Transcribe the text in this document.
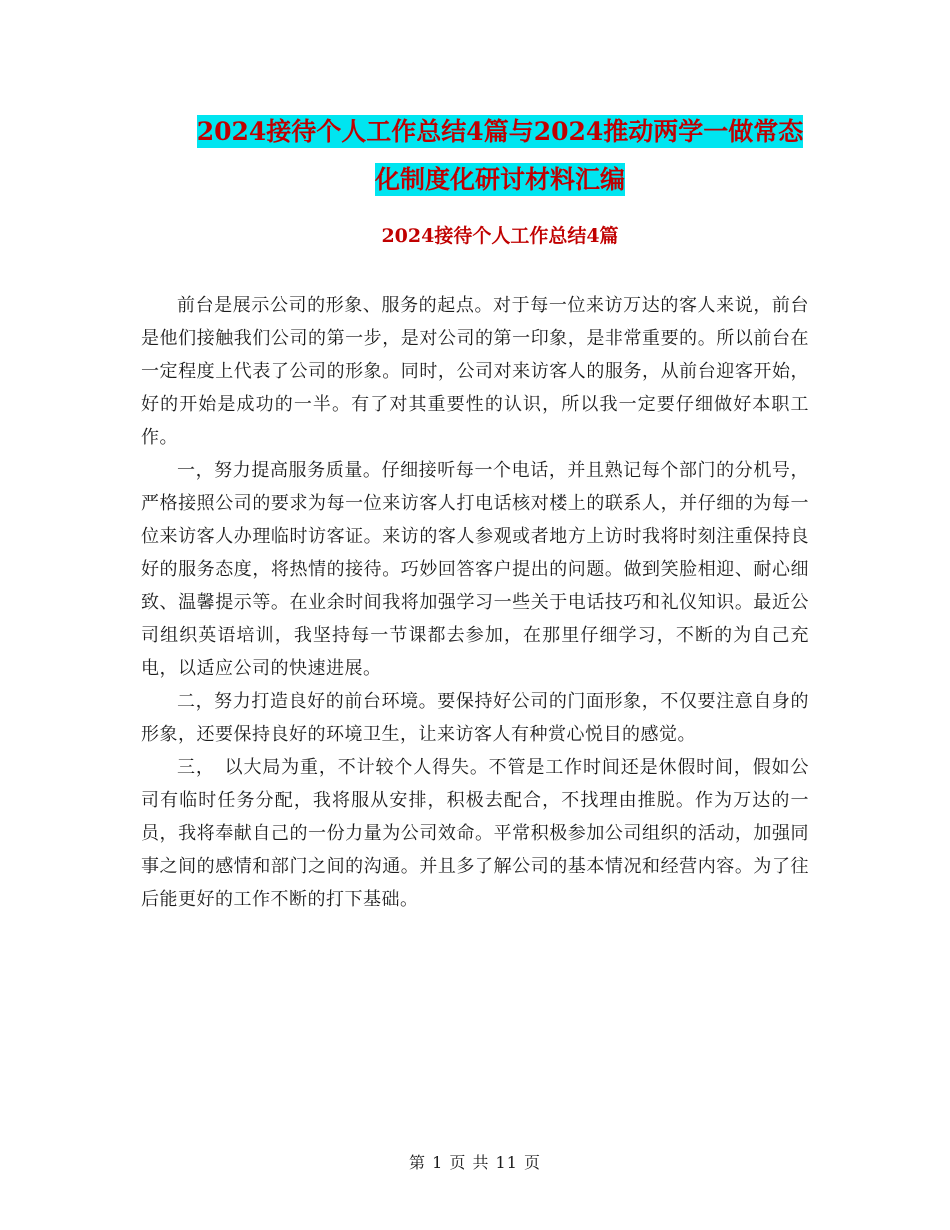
2024接待个人工作总结4篇与2024推动两学一做常态
化制度化研讨材料汇编
2024接待个人工作总结4篇

前台是展示公司的形象、服务的起点。对于每一位来访万达的客人来说，前台是他们接触我们公司的第一步，是对公司的第一印象，是非常重要的。所以前台在一定程度上代表了公司的形象。同时，公司对来访客人的服务，从前台迎客开始，好的开始是成功的一半。有了对其重要性的认识，所以我一定要仔细做好本职工作。

一，努力提高服务质量。仔细接听每一个电话，并且熟记每个部门的分机号，严格接照公司的要求为每一位来访客人打电话核对楼上的联系人，并仔细的为每一位来访客人办理临时访客证。来访的客人参观或者地方上访时我将时刻注重保持良好的服务态度，将热情的接待。巧妙回答客户提出的问题。做到笑脸相迎、耐心细致、温馨提示等。在业余时间我将加强学习一些关于电话技巧和礼仪知识。最近公司组织英语培训，我坚持每一节课都去参加，在那里仔细学习，不断的为自己充电，以适应公司的快速进展。

二，努力打造良好的前台环境。要保持好公司的门面形象，不仅要注意自身的形象，还要保持良好的环境卫生，让来访客人有种赏心悦目的感觉。

三，　以大局为重，不计较个人得失。不管是工作时间还是休假时间，假如公司有临时任务分配，我将服从安排，积极去配合，不找理由推脱。作为万达的一员，我将奉献自己的一份力量为公司效命。平常积极参加公司组织的活动，加强同事之间的感情和部门之间的沟通。并且多了解公司的基本情况和经营内容。为了往后能更好的工作不断的打下基础。

第 1 页 共 11 页
